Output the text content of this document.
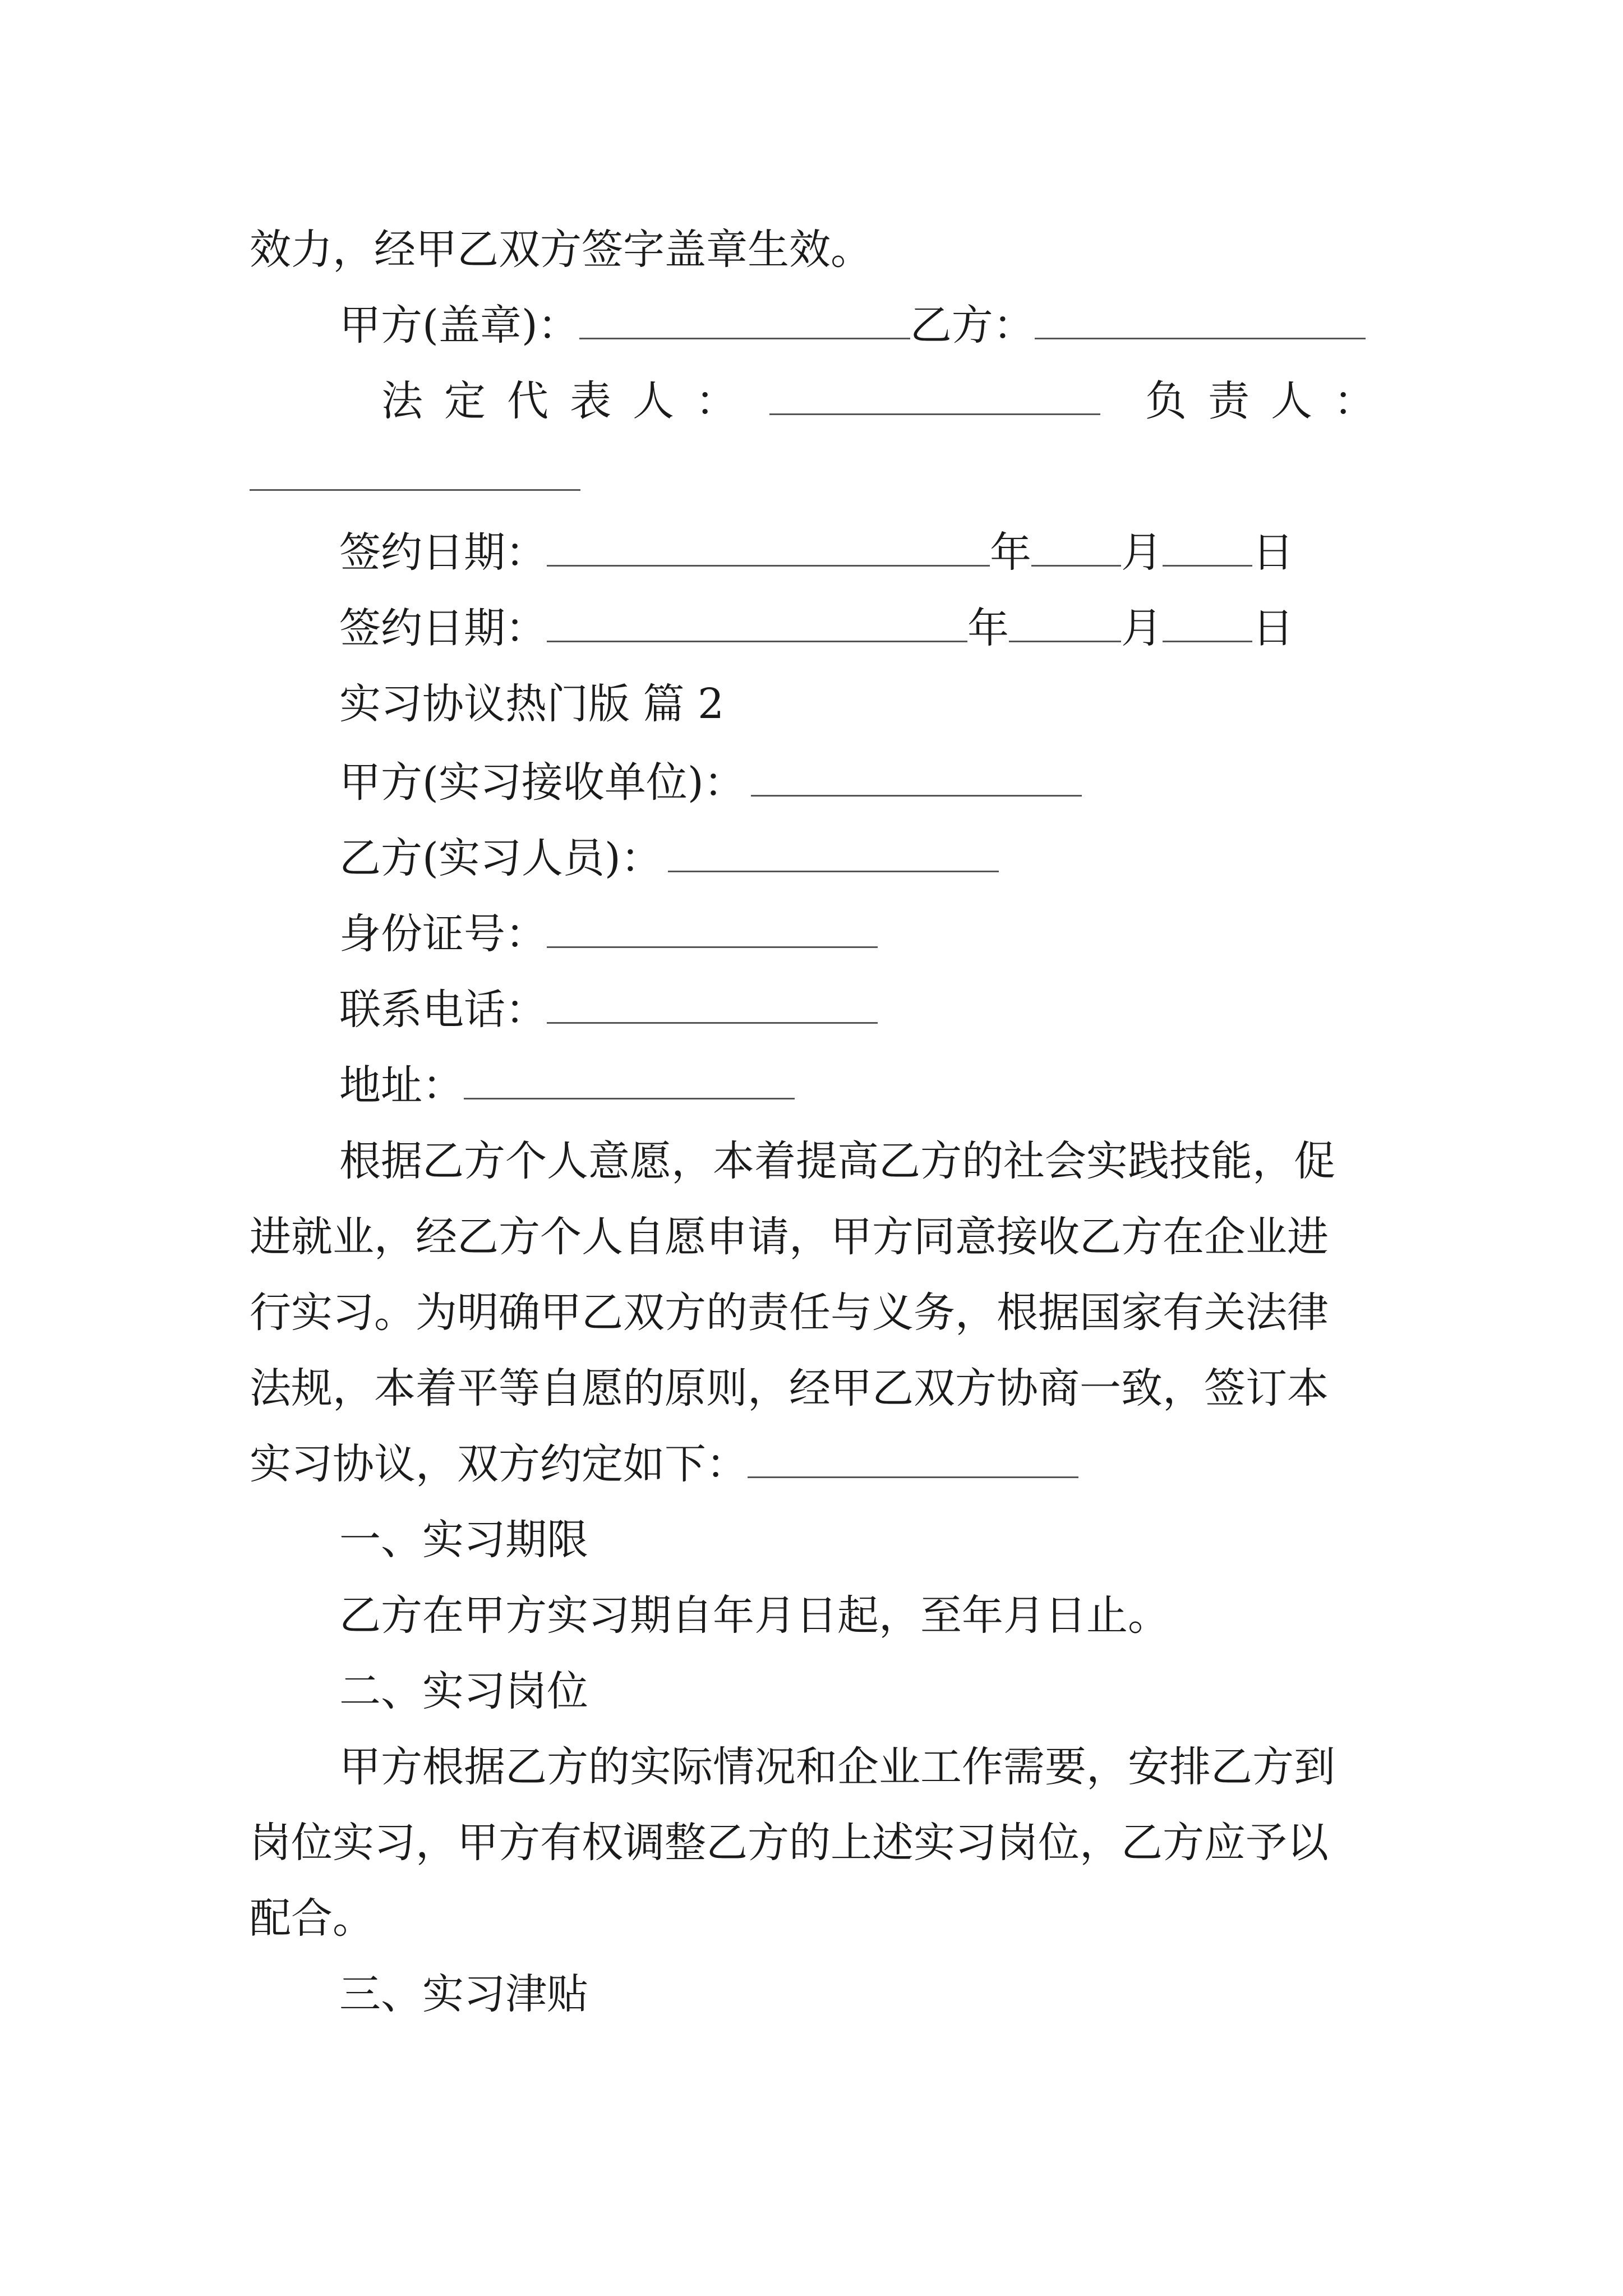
效力，经甲乙双方签字盖章生效。
甲方(盖章)：	乙方：
法定代表人：	负责人：
签约日期：	年 月 日
签约日期：	年	月 日
实习协议热门版 篇 2
甲方(实习接收单位)：
乙方(实习人员)：
身份证号：
联系电话：
地址：
根据乙方个人意愿，本着提高乙方的社会实践技能，促
进就业，经乙方个人自愿申请，甲方同意接收乙方在企业进
行实习。为明确甲乙双方的责任与义务，根据国家有关法律
法规，本着平等自愿的原则，经甲乙双方协商一致，签订本
实习协议，双方约定如下：
一、实习期限
乙方在甲方实习期自年月日起，至年月日止。
二、实习岗位
甲方根据乙方的实际情况和企业工作需要，安排乙方到
岗位实习，甲方有权调整乙方的上述实习岗位，乙方应予以
配合。
三、实习津贴
